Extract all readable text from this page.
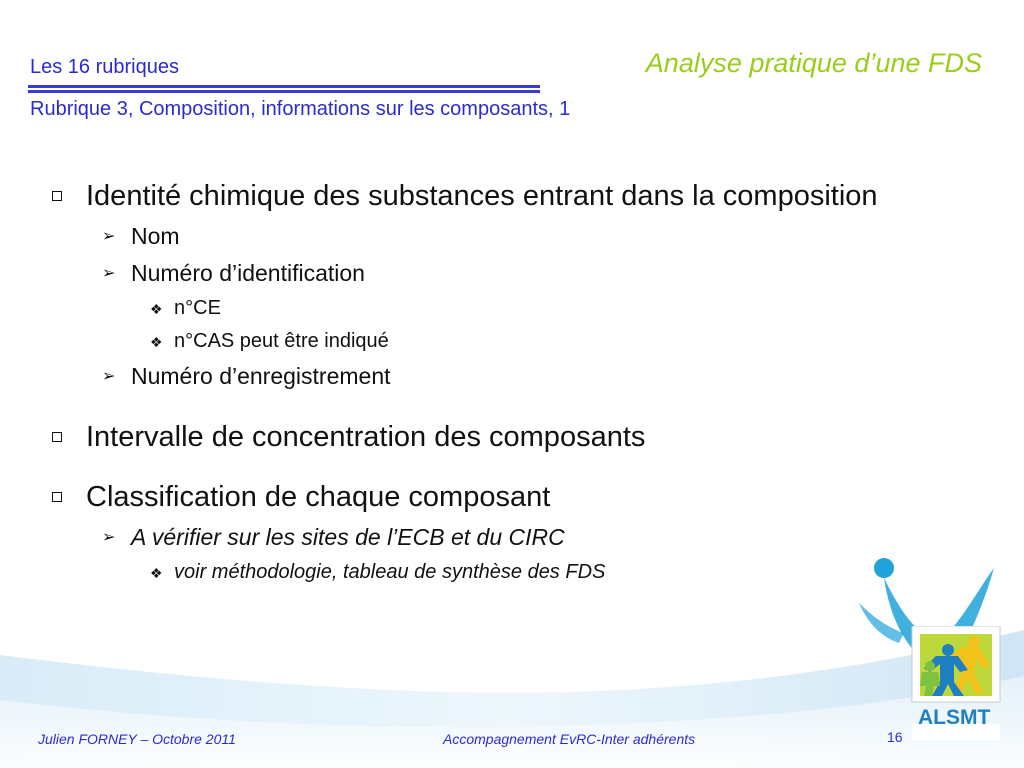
ALSMT

Les 16 rubriques	Analyse pratique d’une FDS

Rubrique 3, Composition, informations sur les composants, 1

Identité chimique des substances entrant dans la composition
➢ Nom
➢ Numéro d’identification
❖ n°CE
❖ n°CAS peut être indiqué
➢ Numéro d’enregistrement
Intervalle de concentration des composants
Classification de chaque composant
➢ A vérifier sur les sites de l’ECB et du CIRC
❖ voir méthodologie, tableau de synthèse des FDS
Julien FORNEY – Octobre 2011	Accompagnement EvRC-Inter adhérents	16
